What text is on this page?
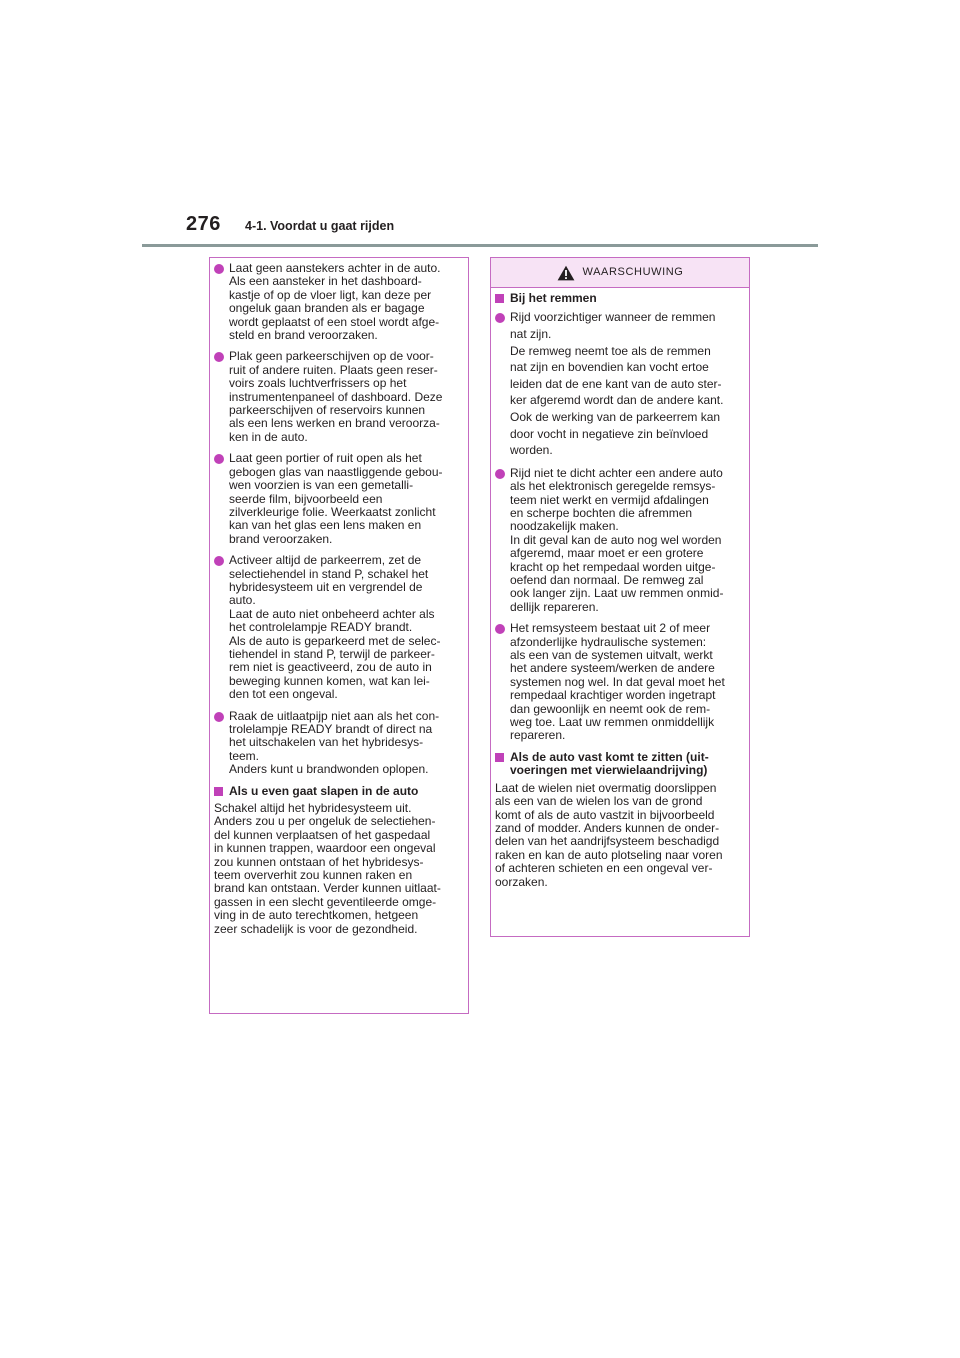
276 4-1. Voordat u gaat rijden

Laat geen aanstekers achter in de auto.
Als een aansteker in het dashboard-
kastje of op de vloer ligt, kan deze per
ongeluk gaan branden als er bagage
wordt geplaatst of een stoel wordt afge-
steld en brand veroorzaken.

Plak geen parkeerschijven op de voor-
ruit of andere ruiten. Plaats geen reser-
voirs zoals luchtverfrissers op het
instrumentenpaneel of dashboard. Deze
parkeerschijven of reservoirs kunnen
als een lens werken en brand veroorza-
ken in de auto.

Laat geen portier of ruit open als het
gebogen glas van naastliggende gebou-
wen voorzien is van een gemetalli-
seerde film, bijvoorbeeld een
zilverkleurige folie. Weerkaatst zonlicht
kan van het glas een lens maken en
brand veroorzaken.

Activeer altijd de parkeerrem, zet de
selectiehendel in stand P, schakel het
hybridesysteem uit en vergrendel de
auto.
Laat de auto niet onbeheerd achter als
het controlelampje READY brandt.
Als de auto is geparkeerd met de selec-
tiehendel in stand P, terwijl de parkeer-
rem niet is geactiveerd, zou de auto in
beweging kunnen komen, wat kan lei-
den tot een ongeval.

Raak de uitlaatpijp niet aan als het con-
trolelampje READY brandt of direct na
het uitschakelen van het hybridesys-
teem.
Anders kunt u brandwonden oplopen.

Als u even gaat slapen in de auto

Schakel altijd het hybridesysteem uit.
Anders zou u per ongeluk de selectiehen-
del kunnen verplaatsen of het gaspedaal
in kunnen trappen, waardoor een ongeval
zou kunnen ontstaan of het hybridesys-
teem oververhit zou kunnen raken en
brand kan ontstaan. Verder kunnen uitlaat-
gassen in een slecht geventileerde omge-
ving in de auto terechtkomen, hetgeen
zeer schadelijk is voor de gezondheid.

WAARSCHUWING
Bij het remmen

Rijd voorzichtiger wanneer de remmen
nat zijn.
De remweg neemt toe als de remmen
nat zijn en bovendien kan vocht ertoe
leiden dat de ene kant van de auto ster-
ker afgeremd wordt dan de andere kant.
Ook de werking van de parkeerrem kan
door vocht in negatieve zin beïnvloed
worden.

Rijd niet te dicht achter een andere auto
als het elektronisch geregelde remsys-
teem niet werkt en vermijd afdalingen
en scherpe bochten die afremmen
noodzakelijk maken.
In dit geval kan de auto nog wel worden
afgeremd, maar moet er een grotere
kracht op het rempedaal worden uitge-
oefend dan normaal. De remweg zal
ook langer zijn. Laat uw remmen onmid-
dellijk repareren.

Het remsysteem bestaat uit 2 of meer
afzonderlijke hydraulische systemen:
als een van de systemen uitvalt, werkt
het andere systeem/werken de andere
systemen nog wel. In dat geval moet het
rempedaal krachtiger worden ingetrapt
dan gewoonlijk en neemt ook de rem-
weg toe. Laat uw remmen onmiddellijk
repareren.

Als de auto vast komt te zitten (uit-
voeringen met vierwielaandrijving)

Laat de wielen niet overmatig doorslippen
als een van de wielen los van de grond
komt of als de auto vastzit in bijvoorbeeld
zand of modder. Anders kunnen de onder-
delen van het aandrijfsysteem beschadigd
raken en kan de auto plotseling naar voren
of achteren schieten en een ongeval ver-
oorzaken.
